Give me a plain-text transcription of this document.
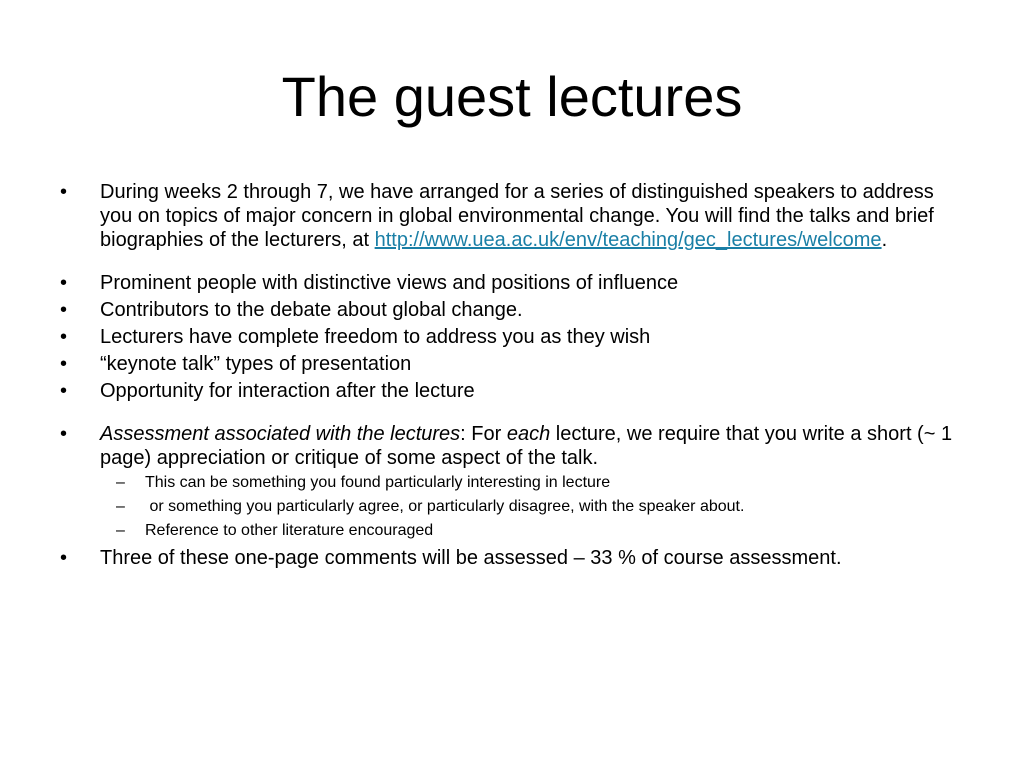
The guest lectures
• During weeks 2 through 7, we have arranged for a series of distinguished speakers to address you on topics of major concern in global environmental change. You will find the talks and brief biographies of the lecturers, at http://www.uea.ac.uk/env/teaching/gec_lectures/welcome.
• Prominent people with distinctive views and positions of influence
• Contributors to the debate about global change.
• Lecturers have complete freedom to address you as they wish
• “keynote talk” types of presentation
• Opportunity for interaction after the lecture
• Assessment associated with the lectures: For each lecture, we require that you write a short (~ 1 page) appreciation or critique of some aspect of the talk.
– This can be something you found particularly interesting in lecture
– or something you particularly agree, or particularly disagree, with the speaker about.
– Reference to other literature encouraged
• Three of these one-page comments will be assessed – 33 % of course assessment.
